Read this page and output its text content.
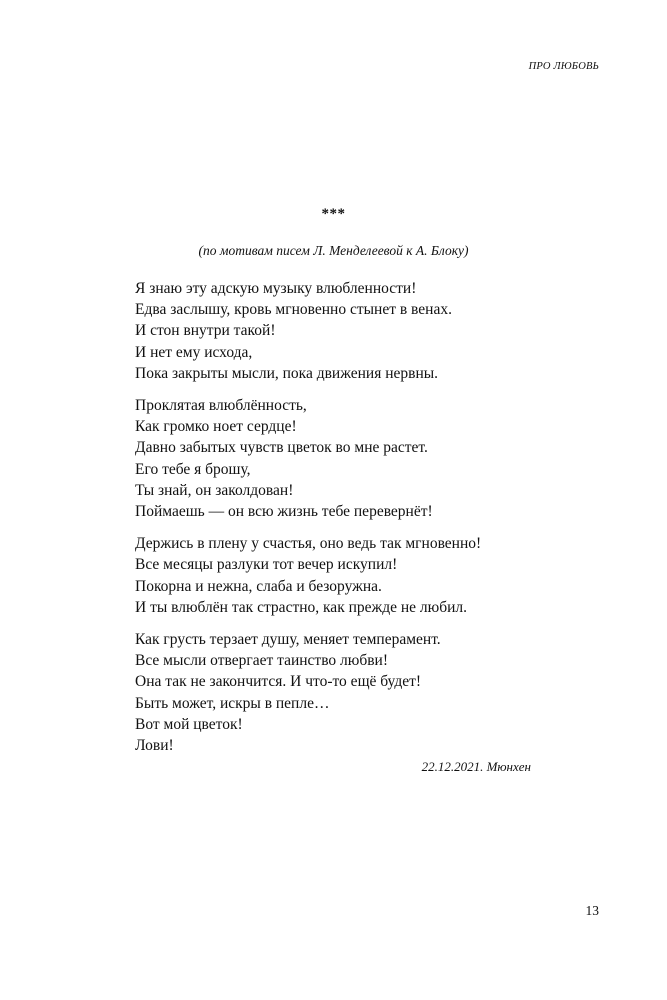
ПРО ЛЮБОВЬ
***
(по мотивам писем Л. Менделеевой к А. Блоку)
Я знаю эту адскую музыку влюбленности!
Едва заслышу, кровь мгновенно стынет в венах.
И стон внутри такой!
И нет ему исхода,
Пока закрыты мысли, пока движения нервны.
Проклятая влюблённость,
Как громко ноет сердце!
Давно забытых чувств цветок во мне растет.
Его тебе я брошу,
Ты знай, он заколдован!
Поймаешь — он всю жизнь тебе перевернёт!
Держись в плену у счастья, оно ведь так мгновенно!
Все месяцы разлуки тот вечер искупил!
Покорна и нежна, слаба и безоружна.
И ты влюблён так страстно, как прежде не любил.
Как грусть терзает душу, меняет темперамент.
Все мысли отвергает таинство любви!
Она так не закончится. И что-то ещё будет!
Быть может, искры в пепле…
Вот мой цветок!
Лови!
22.12.2021. Мюнхен
13
